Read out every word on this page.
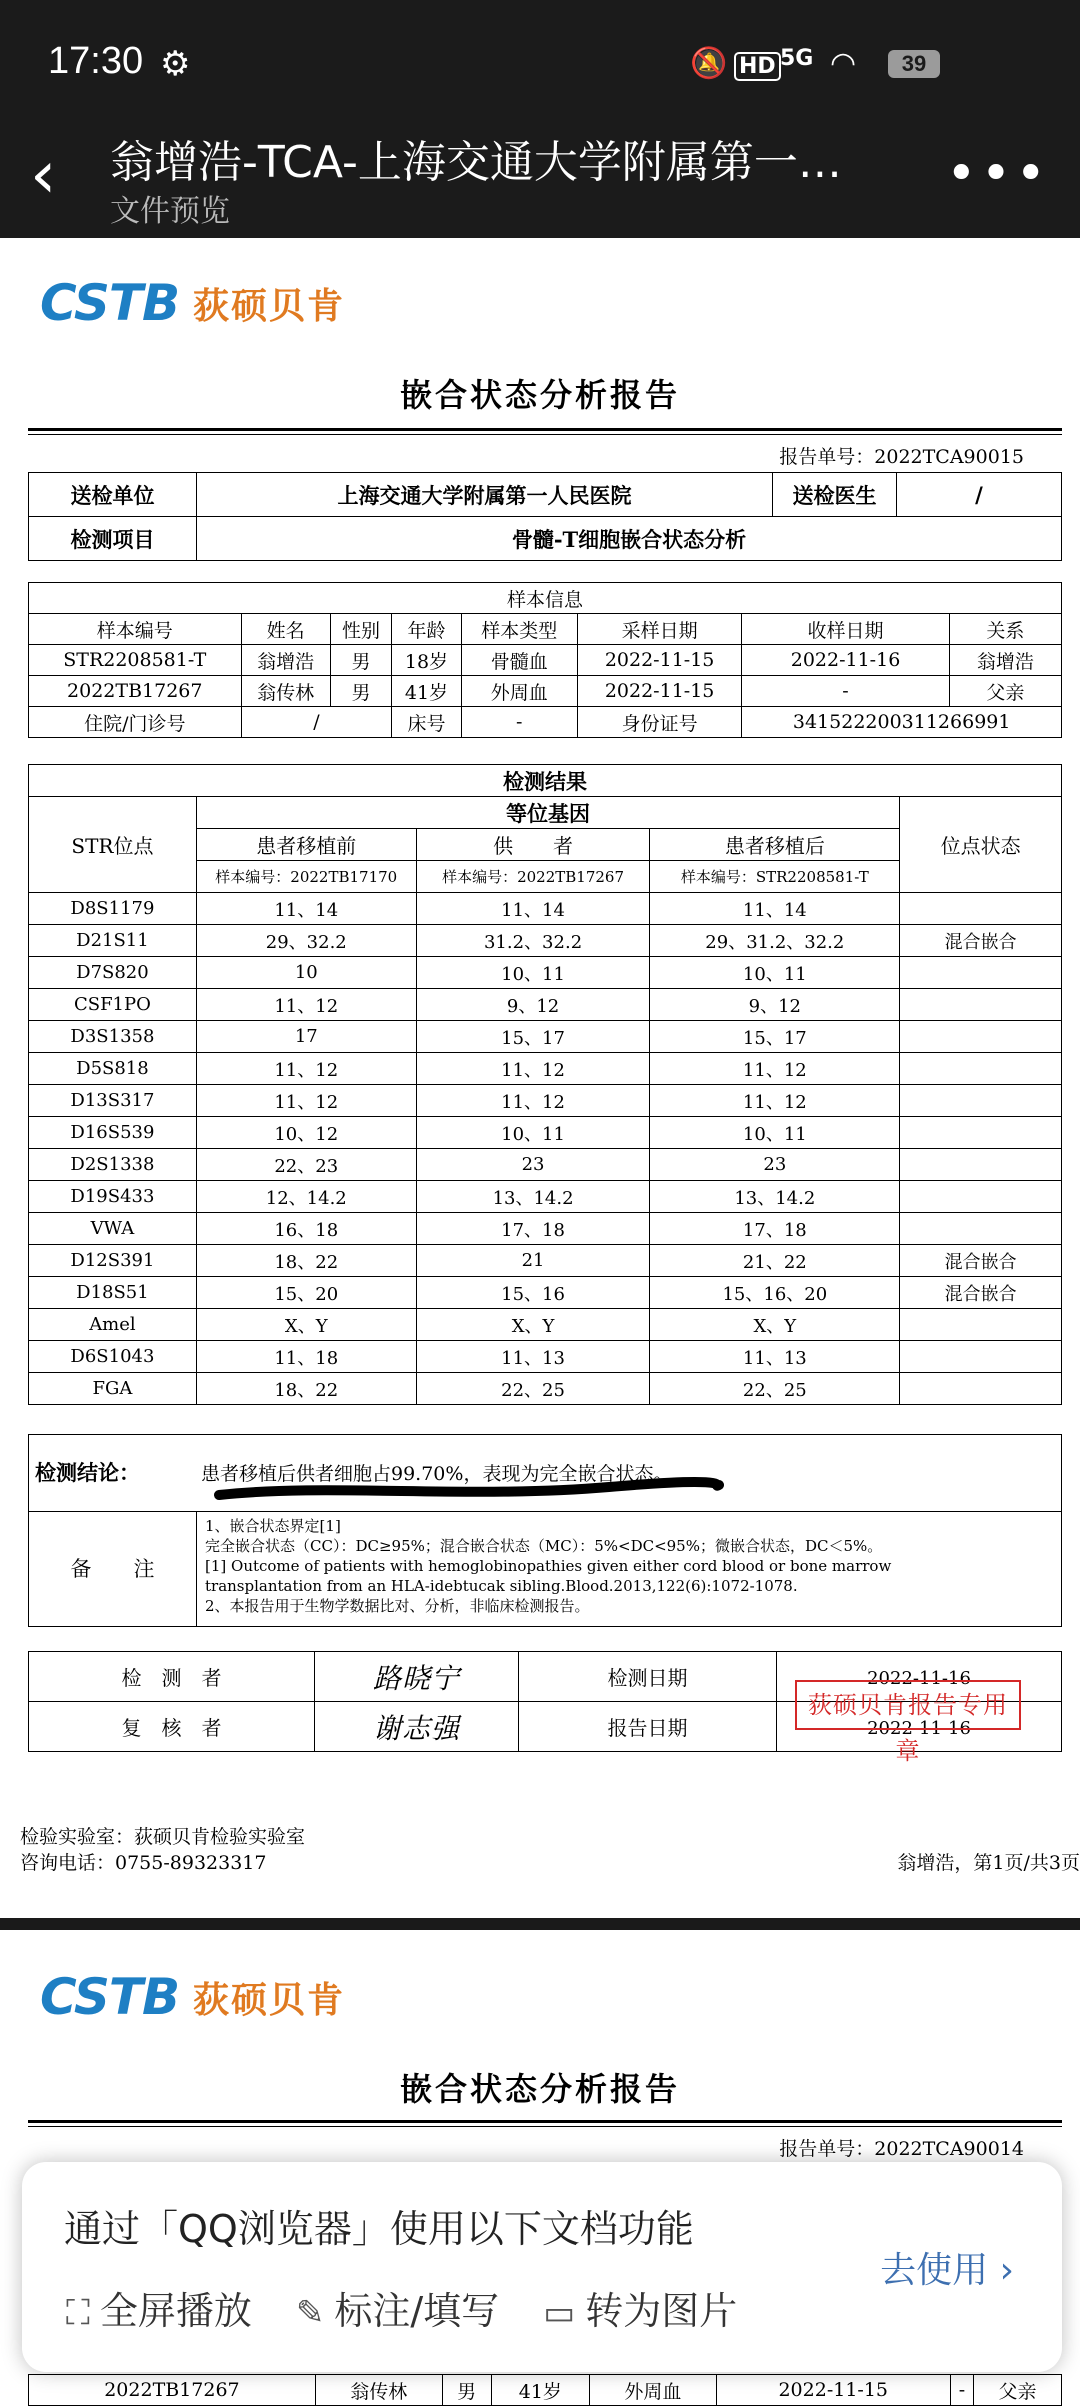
17:30 ⚙	🔕 HD 5G ◠	39
‹ 翁增浩-TCA-上海交通大学附属第一…
文件预览
•••
CSTB 荻硕贝肯
嵌合状态分析报告
报告单号：2022TCA90015
送检单位	上海交通大学附属第一人民医院	送检医生	/
检测项目	骨髓-T细胞嵌合状态分析		
样本信息							
样本编号	姓名	性别	年龄	样本类型	采样日期	收样日期	关系
STR2208581-T	翁增浩	男	18岁	骨髓血	2022-11-15	2022-11-16	翁增浩
2022TB17267	翁传林	男	41岁	外周血	2022-11-15	-	父亲
住院/门诊号	/		床号	-	身份证号	341522200311266991	
检测结果				
STR位点	等位基因			位点状态
	患者移植前	供　　者	患者移植后	
	样本编号：2022TB17170	样本编号：2022TB17267	样本编号：STR2208581-T	
D8S1179	11、14	11、14	11、14	
D21S11	29、32.2	31.2、32.2	29、31.2、32.2	混合嵌合
D7S820	10	10、11	10、11	
CSF1PO	11、12	9、12	9、12	
D3S1358	17	15、17	15、17	
D5S818	11、12	11、12	11、12	
D13S317	11、12	11、12	11、12	
D16S539	10、12	10、11	10、11	
D2S1338	22、23	23	23	
D19S433	12、14.2	13、14.2	13、14.2	
VWA	16、18	17、18	17、18	
D12S391	18、22	21	21、22	混合嵌合
D18S51	15、20	15、16	15、16、20	混合嵌合
Amel	X、Y	X、Y	X、Y	
D6S1043	11、18	11、13	11、13	
FGA	18、22	22、25	22、25	
检测结论：	患者移植后供者细胞占99.70%，表现为完全嵌合状态。
备　　注
1、嵌合状态界定[1]
完全嵌合状态（CC）：DC≥95%；混合嵌合状态（MC）：5%<DC<95%；微嵌合状态，DC＜5%。
[1] Outcome of patients with hemoglobinopathies given either cord blood or bone marrow
transplantation from an HLA-idebtucak sibling.Blood.2013,122(6):1072-1078.
2、本报告用于生物学数据比对、分析，非临床检测报告。
检　测　者	路晓宁	检测日期	2022-11-16
复　核　者	谢志强	报告日期	2022-11-16
荻硕贝肯报告专用章
检验实验室：荻硕贝肯检验实验室
咨询电话：0755-89323317	翁增浩，第1页/共3页
CSTB 荻硕贝肯
嵌合状态分析报告
报告单号：2022TCA90014
2022TB17267	翁传林	男	41岁	外周血	2022-11-15	-	父亲
通过「QQ浏览器」使用以下文档功能
⛶ 全屏播放 ✎ 标注/填写 ▭ 转为图片
去使用 ›
